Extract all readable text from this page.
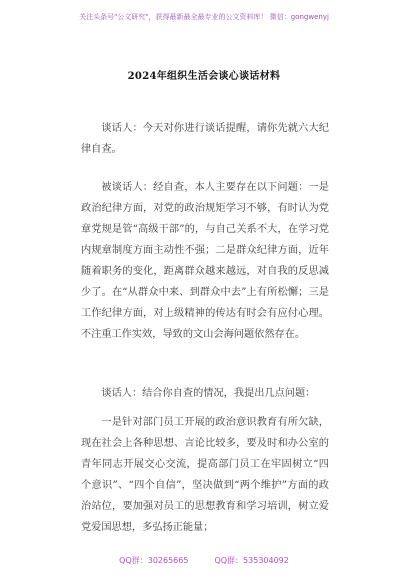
关注头条号"公文研究"，获得最新最全最专业的公文资料库！ 微信：gongwenyj
2024年组织生活会谈心谈话材料
谈话人：今天对你进行谈话提醒，请你先就六大纪律自查。
被谈话人：经自查，本人主要存在以下问题：一是政治纪律方面，对党的政治规矩学习不够，有时认为党章党规是管“高级干部”的，与自己关系不大，在学习党内规章制度方面主动性不强；二是群众纪律方面，近年随着职务的变化，距离群众越来越远，对自我的反思减少了。在“从群众中来、到群众中去”上有所松懈；三是工作纪律方面，对上级精神的传达有时会有应付心理。不注重工作实效，导致的文山会海问题依然存在。
谈话人：结合你自查的情况，我提出几点问题：
一是针对部门员工开展的政治意识教育有所欠缺，现在社会上各种思想、言论比较多，要及时和办公室的青年同志开展交心交流，提高部门员工在牢固树立“四个意识”、“四个自信”，坚决做到“两个维护”方面的政治站位，要加强对员工的思想教育和学习培训，树立爱党爱国思想，多弘扬正能量；
QQ群：30265665	QQ群：535304092
